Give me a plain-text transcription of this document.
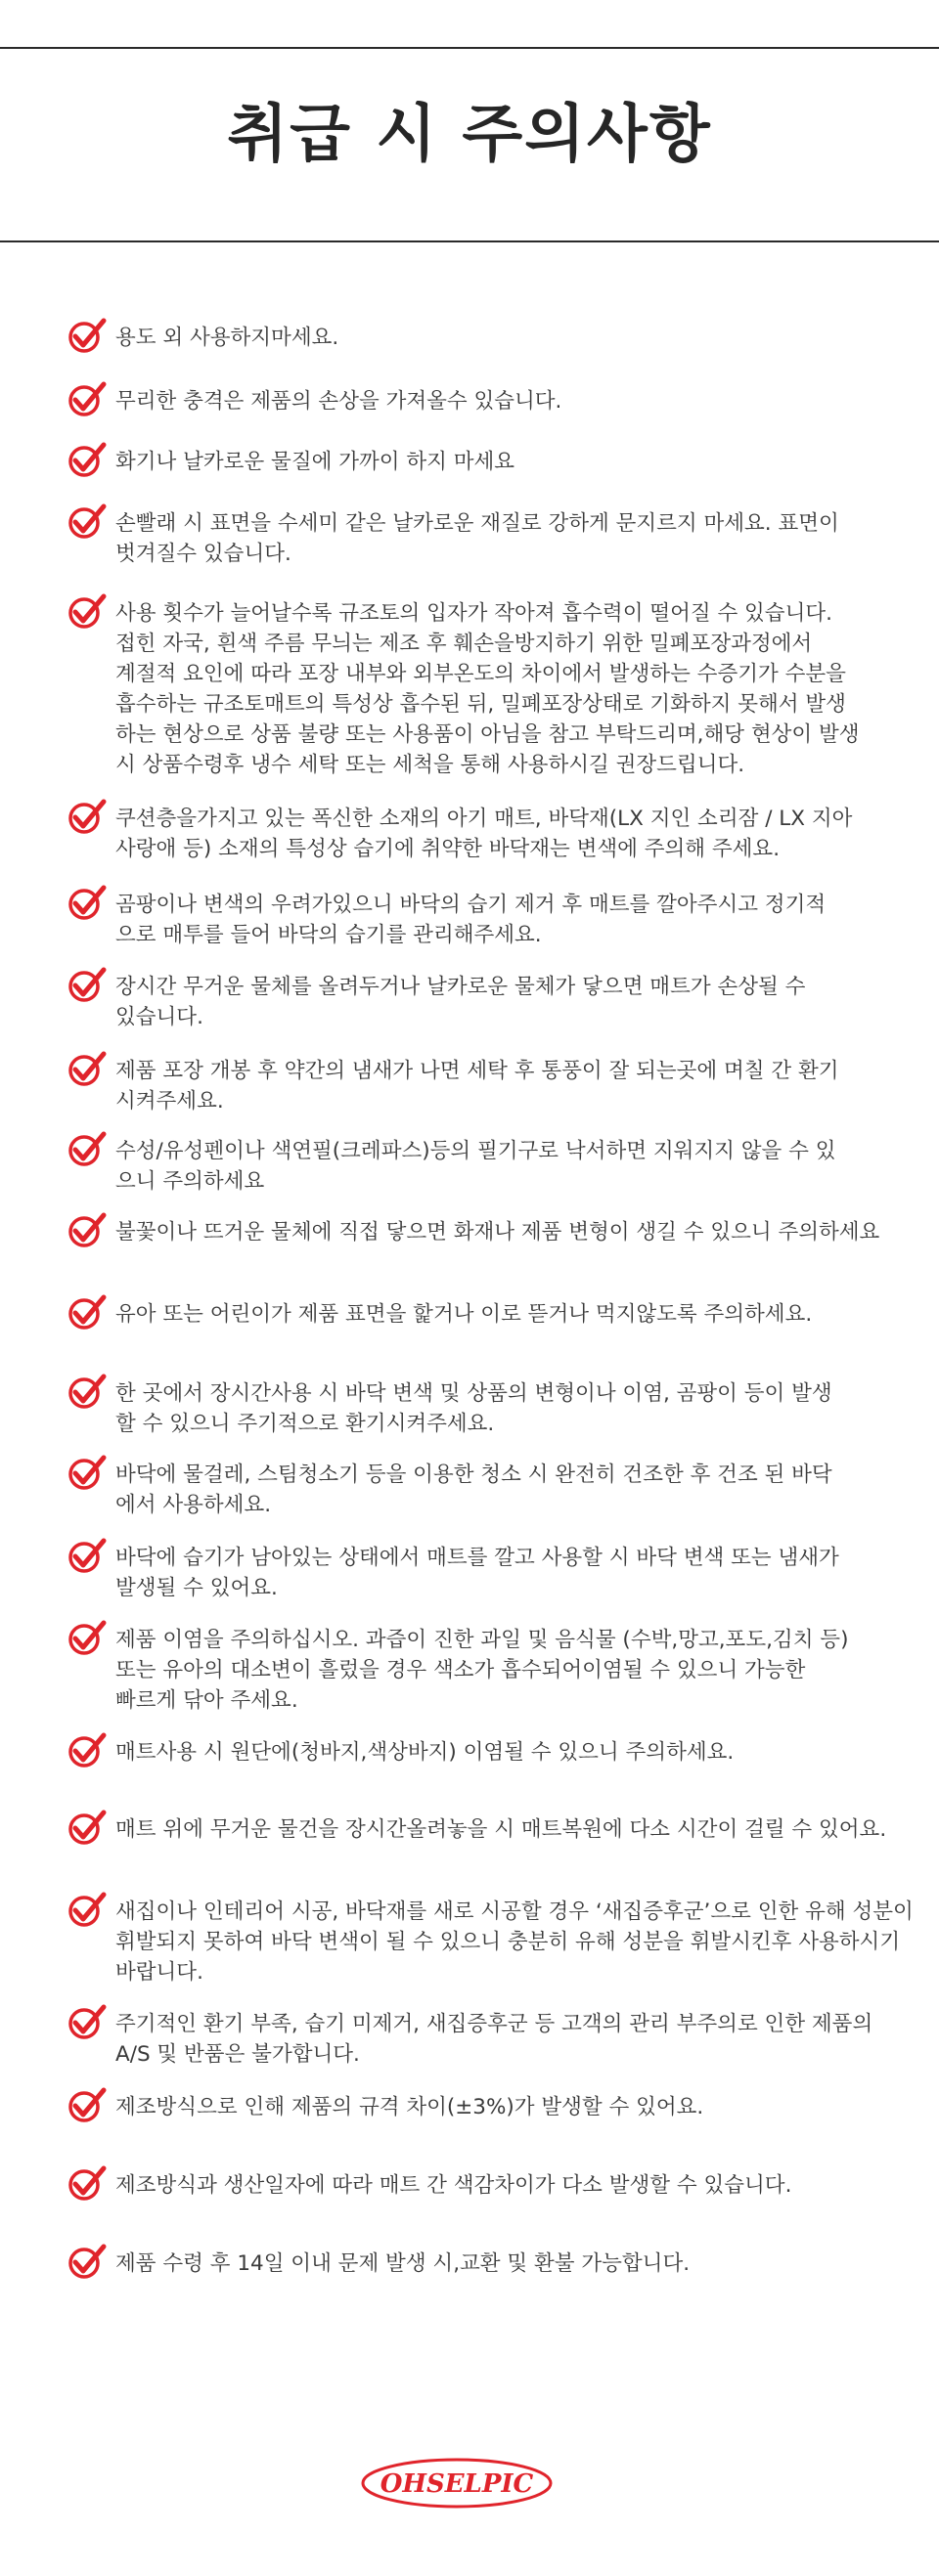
취급 시 주의사항
용도 외 사용하지마세요.
무리한 충격은 제품의 손상을 가져올수 있습니다.
화기나 날카로운 물질에 가까이 하지 마세요
손빨래 시 표면을 수세미 같은 날카로운 재질로 강하게 문지르지 마세요. 표면이
벗겨질수 있습니다.
사용 횟수가 늘어날수록 규조토의 입자가 작아져 흡수력이 떨어질 수 있습니다.
접힌 자국, 흰색 주름 무늬는 제조 후 훼손을방지하기 위한 밀폐포장과정에서
계절적 요인에 따라 포장 내부와 외부온도의 차이에서 발생하는 수증기가 수분을
흡수하는 규조토매트의 특성상 흡수된 뒤, 밀폐포장상태로 기화하지 못해서 발생
하는 현상으로 상품 불량 또는 사용품이 아님을 참고 부탁드리며,해당 현상이 발생
시 상품수령후 냉수 세탁 또는 세척을 통해 사용하시길 권장드립니다.
쿠션층을가지고 있는 폭신한 소재의 아기 매트, 바닥재(LX 지인 소리잠 / LX 지아
사랑애 등) 소재의 특성상 습기에 취약한 바닥재는 변색에 주의해 주세요.
곰팡이나 변색의 우려가있으니 바닥의 습기 제거 후 매트를 깔아주시고 정기적
으로 매투를 들어 바닥의 습기를 관리해주세요.
장시간 무거운 물체를 올려두거나 날카로운 물체가 닿으면 매트가 손상될 수
있습니다.
제품 포장 개봉 후 약간의 냄새가 나면 세탁 후 통풍이 잘 되는곳에 며칠 간 환기
시켜주세요.
수성/유성펜이나 색연필(크레파스)등의 필기구로 낙서하면 지워지지 않을 수 있
으니 주의하세요
불꽃이나 뜨거운 물체에 직접 닿으면 화재나 제품 변형이 생길 수 있으니 주의하세요
유아 또는 어린이가 제품 표면을 핥거나 이로 뜯거나 먹지않도록 주의하세요.
한 곳에서 장시간사용 시 바닥 변색 및 상품의 변형이나 이염, 곰팡이 등이 발생
할 수 있으니 주기적으로 환기시켜주세요.
바닥에 물걸레, 스팀청소기 등을 이용한 청소 시 완전히 건조한 후 건조 된 바닥
에서 사용하세요.
바닥에 습기가 남아있는 상태에서 매트를 깔고 사용할 시 바닥 변색 또는 냄새가
발생될 수 있어요.
제품 이염을 주의하십시오. 과즙이 진한 과일 및 음식물 (수박,망고,포도,김치 등)
또는 유아의 대소변이 흘렀을 경우 색소가 흡수되어이염될 수 있으니 가능한
빠르게 닦아 주세요.
매트사용 시 원단에(청바지,색상바지) 이염될 수 있으니 주의하세요.
매트 위에 무거운 물건을 장시간올려놓을 시 매트복원에 다소 시간이 걸릴 수 있어요.
새집이나 인테리어 시공, 바닥재를 새로 시공할 경우 ‘새집증후군’으로 인한 유해 성분이
휘발되지 못하여 바닥 변색이 될 수 있으니 충분히 유해 성분을 휘발시킨후 사용하시기
바랍니다.
주기적인 환기 부족, 습기 미제거, 새집증후군 등 고객의 관리 부주의로 인한 제품의
A/S 및 반품은 불가합니다.
제조방식으로 인해 제품의 규격 차이(±3%)가 발생할 수 있어요.
제조방식과 생산일자에 따라 매트 간 색감차이가 다소 발생할 수 있습니다.
제품 수령 후 14일 이내 문제 발생 시,교환 및 환불 가능합니다.
OHSELPIC
